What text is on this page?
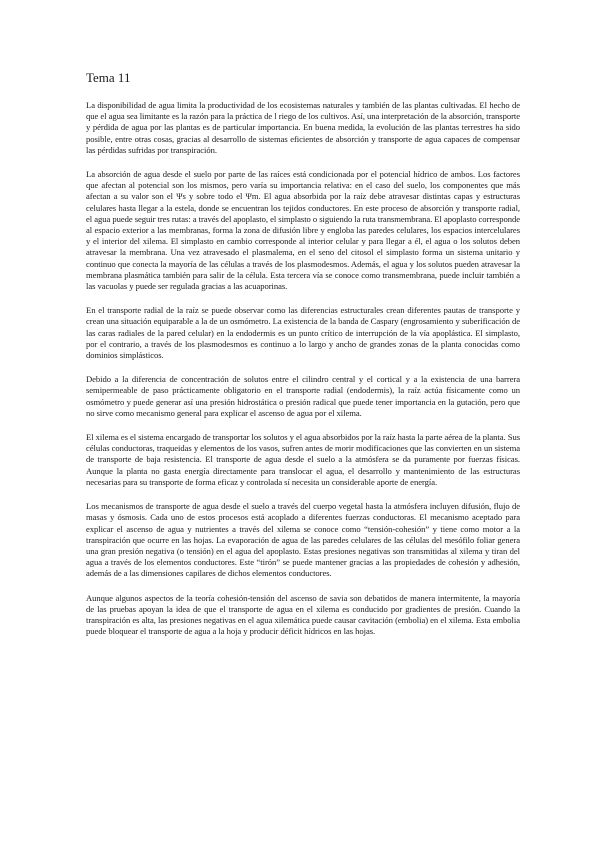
Tema 11

La disponibilidad de agua limita la productividad de los ecosistemas naturales y también de las plantas cultivadas. El hecho de que el agua sea limitante es la razón para la práctica de l riego de los cultivos. Así, una interpretación de la absorción, transporte y pérdida de agua por las plantas es de particular importancia. En buena medida, la evolución de las plantas terrestres ha sido posible, entre otras cosas, gracias al desarrollo de sistemas eficientes de absorción y transporte de agua capaces de compensar las pérdidas sufridas por transpiración.

La absorción de agua desde el suelo por parte de las raíces está condicionada por el potencial hídrico de ambos. Los factores que afectan al potencial son los mismos, pero varía su importancia relativa: en el caso del suelo, los componentes que más afectan a su valor son el Ψs y sobre todo el Ψm. El agua absorbida por la raíz debe atravesar distintas capas y estructuras celulares hasta llegar a la estela, donde se encuentran los tejidos conductores. En este proceso de absorción y transporte radial, el agua puede seguir tres rutas: a través del apoplasto, el simplasto o siguiendo la ruta transmembrana. El apoplasto corresponde al espacio exterior a las membranas, forma la zona de difusión libre y engloba las paredes celulares, los espacios intercelulares y el interior del xilema. El simplasto en cambio corresponde al interior celular y para llegar a él, el agua o los solutos deben atravesar la membrana. Una vez atravesado el plasmalema, en el seno del citosol el simplasto forma un sistema unitario y continuo que conecta la mayoría de las células a través de los plasmodesmos. Además, el agua y los solutos pueden atravesar la membrana plasmática también para salir de la célula. Esta tercera vía se conoce como transmembrana, puede incluir también a las vacuolas y puede ser regulada gracias a las acuaporinas.

En el transporte radial de la raíz se puede observar como las diferencias estructurales crean diferentes pautas de transporte y crean una situación equiparable a la de un osmómetro. La existencia de la banda de Caspary (engrosamiento y suberificación de las caras radiales de la pared celular) en la endodermis es un punto crítico de interrupción de la vía apoplástica. El simplasto, por el contrario, a través de los plasmodesmos es continuo a lo largo y ancho de grandes zonas de la planta conocidas como dominios simplásticos.

Debido a la diferencia de concentración de solutos entre el cilindro central y el cortical y a la existencia de una barrera semipermeable de paso prácticamente obligatorio en el transporte radial (endodermis), la raíz actúa físicamente como un osmómetro y puede generar así una presión hidrostática o presión radical que puede tener importancia en la gutación, pero que no sirve como mecanismo general para explicar el ascenso de agua por el xilema.

El xilema es el sistema encargado de transportar los solutos y el agua absorbidos por la raíz hasta la parte aérea de la planta. Sus células conductoras, traqueidas y elementos de los vasos, sufren antes de morir modificaciones que las convierten en un sistema de transporte de baja resistencia. El transporte de agua desde el suelo a la atmósfera se da puramente por fuerzas físicas. Aunque la planta no gasta energía directamente para translocar el agua, el desarrollo y mantenimiento de las estructuras necesarias para su transporte de forma eficaz y controlada sí necesita un considerable aporte de energía.

Los mecanismos de transporte de agua desde el suelo a través del cuerpo vegetal hasta la atmósfera incluyen difusión, flujo de masas y ósmosis. Cada uno de estos procesos está acoplado a diferentes fuerzas conductoras. El mecanismo aceptado para explicar el ascenso de agua y nutrientes a través del xilema se conoce como “tensión-cohesión” y tiene como motor a la transpiración que ocurre en las hojas. La evaporación de agua de las paredes celulares de las células del mesófilo foliar genera una gran presión negativa (o tensión) en el agua del apoplasto. Estas presiones negativas son transmitidas al xilema y tiran del agua a través de los elementos conductores. Este “tirón” se puede mantener gracias a las propiedades de cohesión y adhesión, además de a las dimensiones capilares de dichos elementos conductores.

Aunque algunos aspectos de la teoría cohesión-tensión del ascenso de savia son debatidos de manera intermitente, la mayoría de las pruebas apoyan la idea de que el transporte de agua en el xilema es conducido por gradientes de presión. Cuando la transpiración es alta, las presiones negativas en el agua xilemática puede causar cavitación (embolia) en el xilema. Esta embolia puede bloquear el transporte de agua a la hoja y producir déficit hídricos en las hojas.
